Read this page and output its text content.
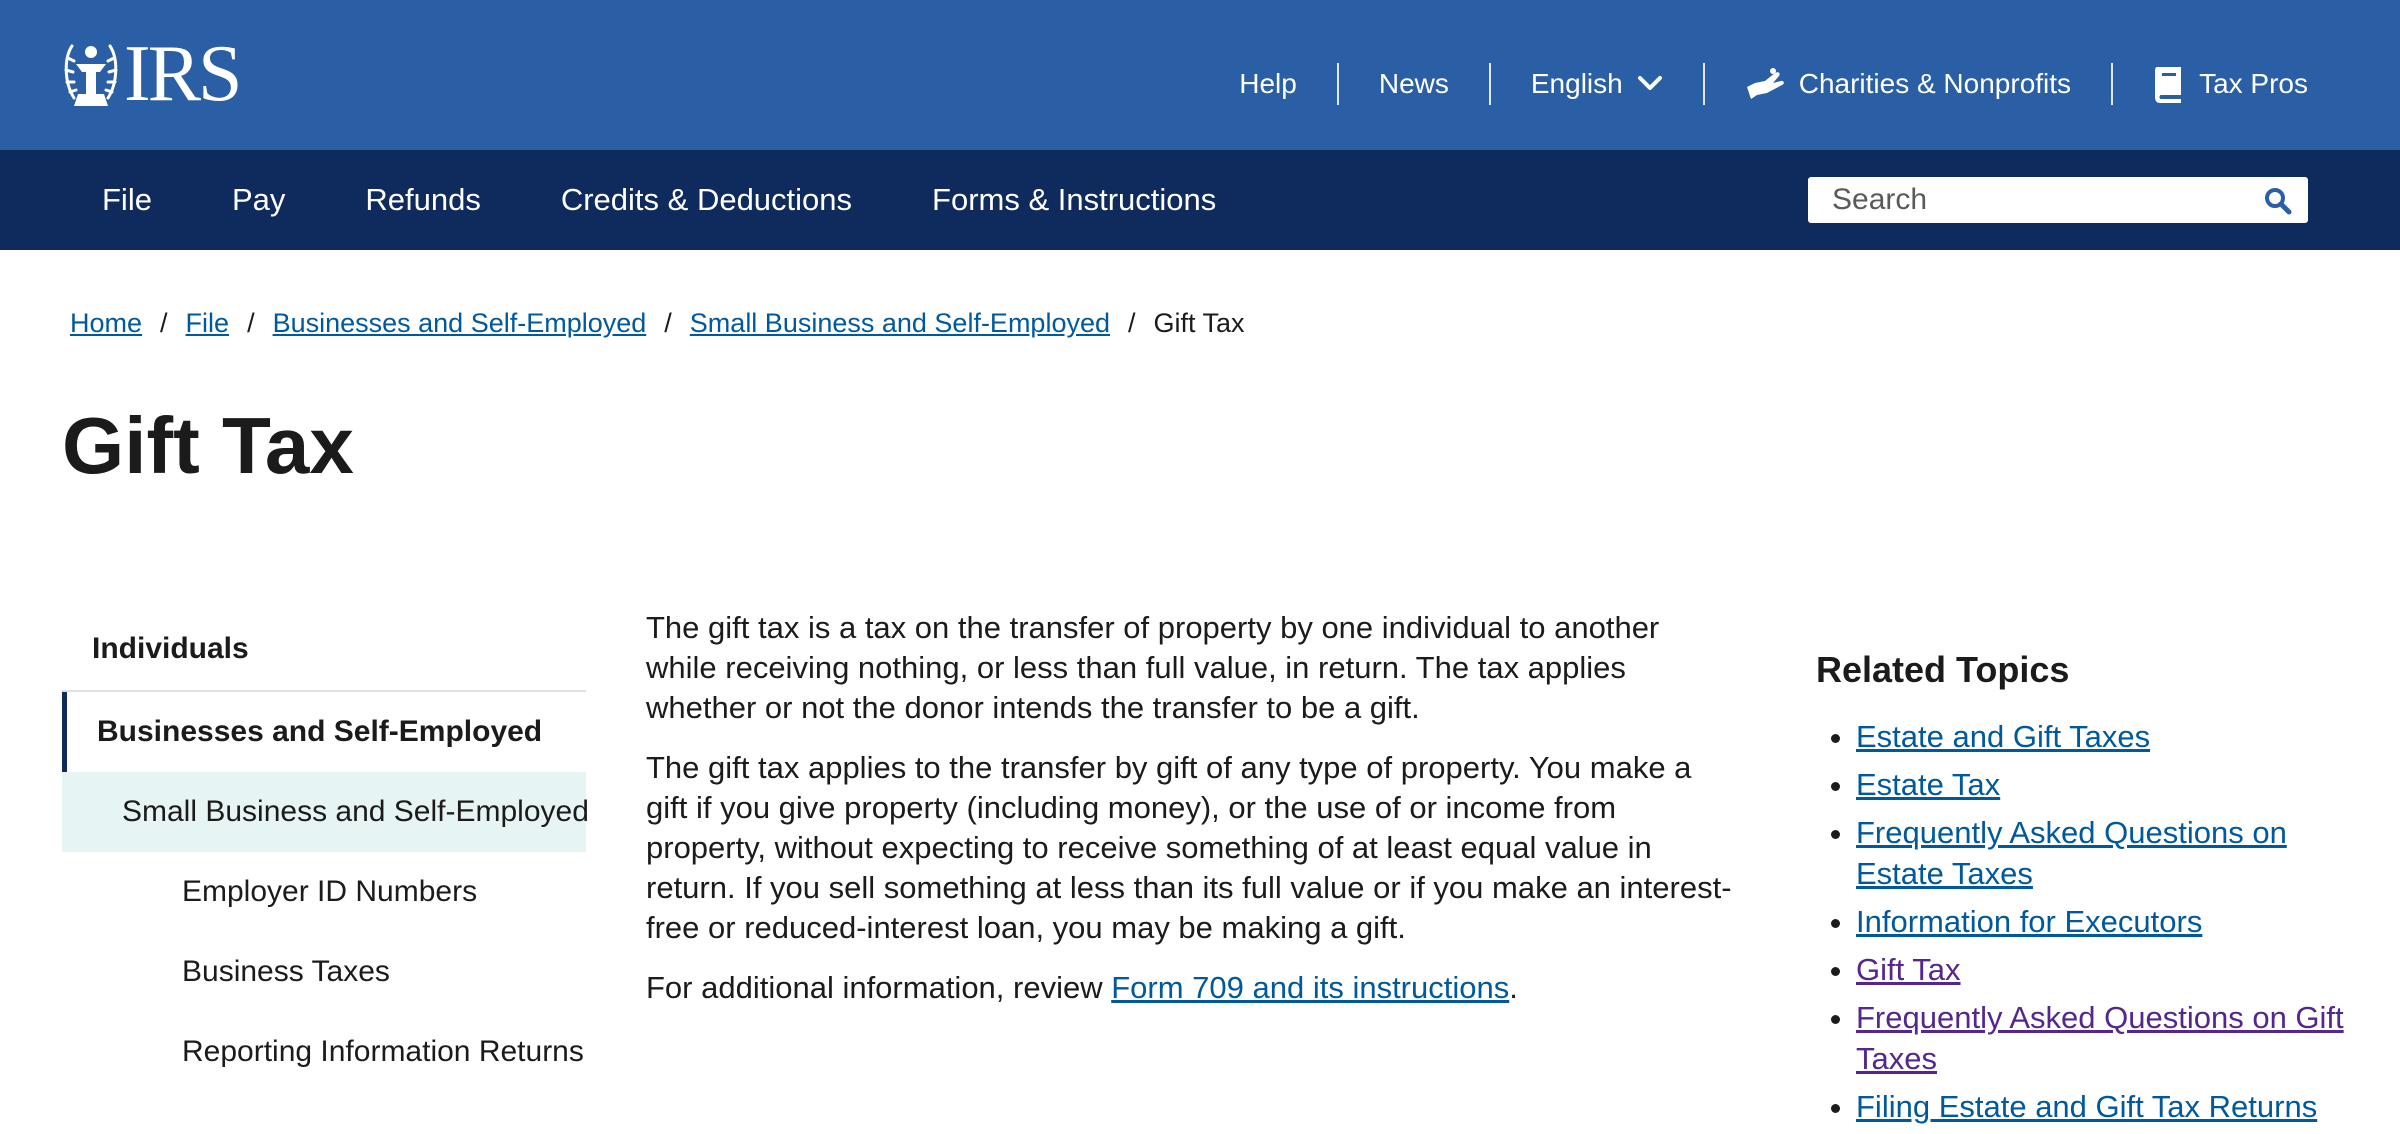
IRS	Help	News	English	Charities & Nonprofits	Tax Pros
File	Pay	Refunds	Credits & Deductions	Forms & Instructions
Search
Home / File / Businesses and Self-Employed / Small Business and Self-Employed / Gift Tax
Gift Tax
Individuals
Businesses and Self-Employed
Small Business and Self-Employed
Employer ID Numbers
Business Taxes
Reporting Information Returns

The gift tax is a tax on the transfer of property by one individual to another while receiving nothing, or less than full value, in return. The tax applies whether or not the donor intends the transfer to be a gift.

The gift tax applies to the transfer by gift of any type of property. You make a gift if you give property (including money), or the use of or income from property, without expecting to receive something of at least equal value in return. If you sell something at less than its full value or if you make an interest-free or reduced-interest loan, you may be making a gift.

For additional information, review Form 709 and its instructions.

Related Topics
• Estate and Gift Taxes
• Estate Tax
• Frequently Asked Questions on Estate Taxes
• Information for Executors
• Gift Tax
• Frequently Asked Questions on Gift Taxes
• Filing Estate and Gift Tax Returns
